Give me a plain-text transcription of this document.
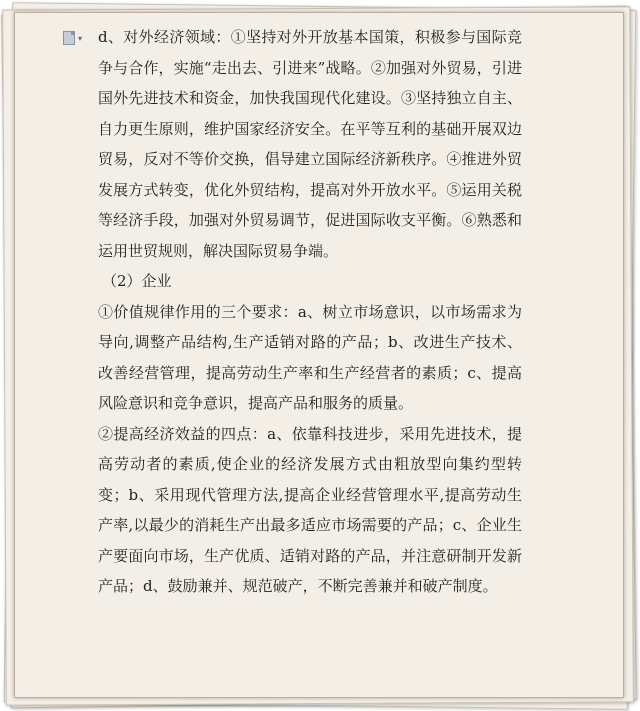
▾ d、对外经济领域：①坚持对外开放基本国策，积极参与国际竞争与合作，实施“走出去、引进来”战略。②加强对外贸易，引进国外先进技术和资金，加快我国现代化建设。③坚持独立自主、自力更生原则，维护国家经济安全。在平等互利的基础开展双边贸易，反对不等价交换，倡导建立国际经济新秩序。④推进外贸发展方式转变，优化外贸结构，提高对外开放水平。⑤运用关税等经济手段，加强对外贸易调节，促进国际收支平衡。⑥熟悉和运用世贸规则，解决国际贸易争端。

（2）企业

①价值规律作用的三个要求：a、树立市场意识，以市场需求为导向,调整产品结构,生产适销对路的产品；b、改进生产技术、改善经营管理，提高劳动生产率和生产经营者的素质；c、提高风险意识和竞争意识，提高产品和服务的质量。

②提高经济效益的四点：a、依靠科技进步，采用先进技术，提高劳动者的素质,使企业的经济发展方式由粗放型向集约型转变；b、采用现代管理方法,提高企业经营管理水平,提高劳动生产率,以最少的消耗生产出最多适应市场需要的产品；c、企业生产要面向市场，生产优质、适销对路的产品，并注意研制开发新产品；d、鼓励兼并、规范破产，不断完善兼并和破产制度。
